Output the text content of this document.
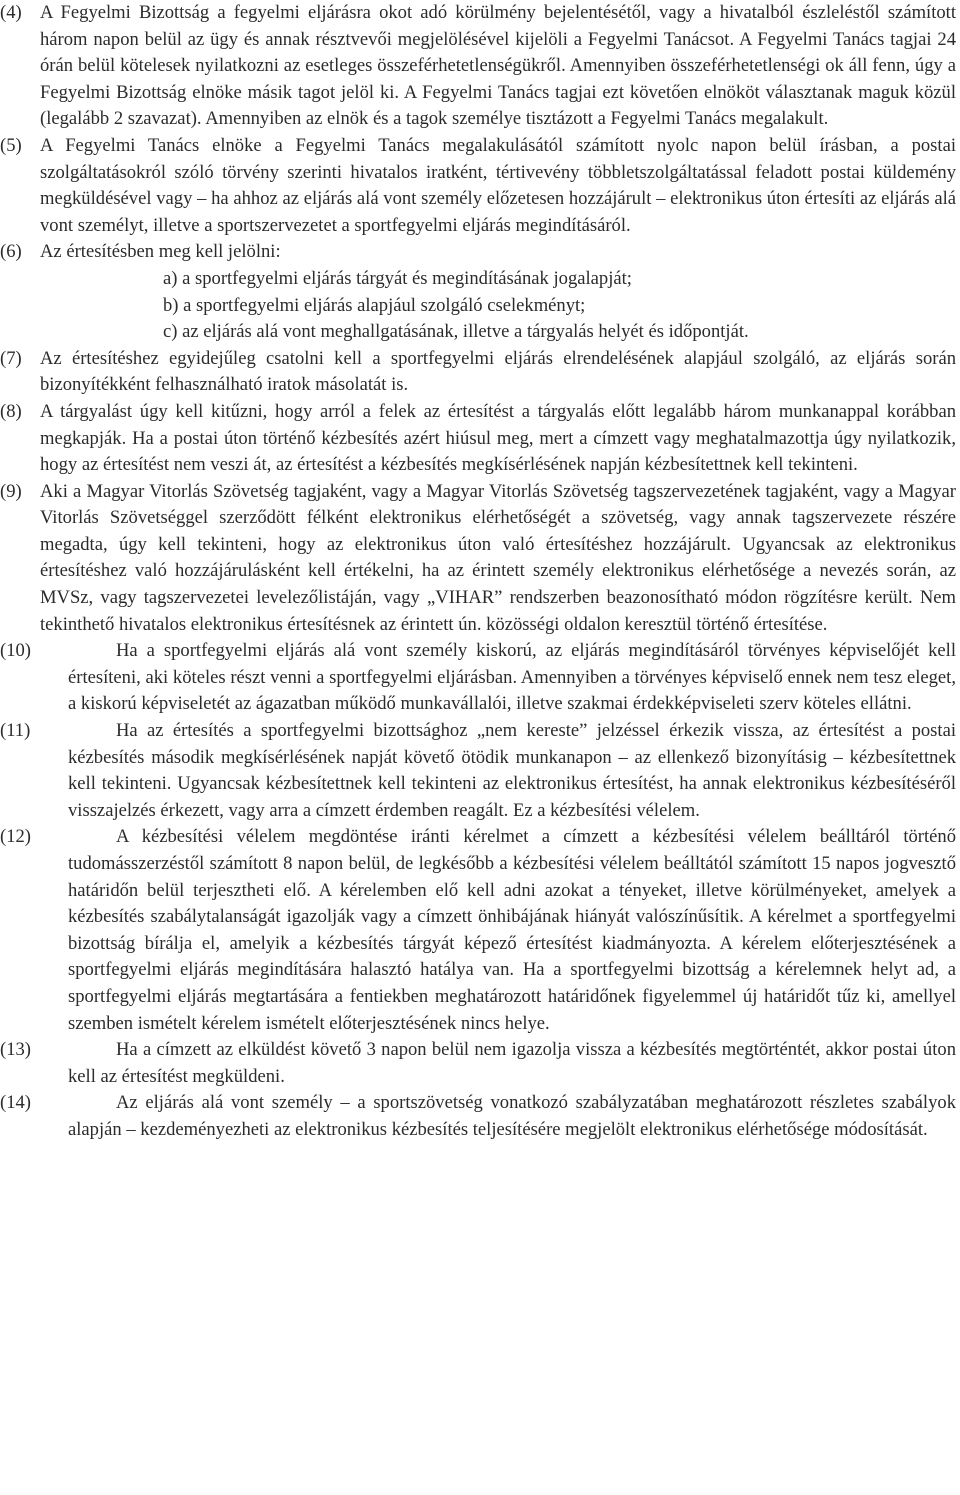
(4) A Fegyelmi Bizottság a fegyelmi eljárásra okot adó körülmény bejelentésétől, vagy a hivatalból észleléstől számított három napon belül az ügy és annak résztvevői megjelölésével kijelöli a Fegyelmi Tanácsot. A Fegyelmi Tanács tagjai 24 órán belül kötelesek nyilatkozni az esetleges összeférhetetlenségükről. Amennyiben összeférhetetlenségi ok áll fenn, úgy a Fegyelmi Bizottság elnöke másik tagot jelöl ki. A Fegyelmi Tanács tagjai ezt követően elnököt választanak maguk közül (legalább 2 szavazat). Amennyiben az elnök és a tagok személye tisztázott a Fegyelmi Tanács megalakult.

(5) A Fegyelmi Tanács elnöke a Fegyelmi Tanács megalakulásától számított nyolc napon belül írásban, a postai szolgáltatásokról szóló törvény szerinti hivatalos iratként, tértivevény többletszolgáltatással feladott postai küldemény megküldésével vagy – ha ahhoz az eljárás alá vont személy előzetesen hozzájárult – elektronikus úton értesíti az eljárás alá vont személyt, illetve a sportszervezetet a sportfegyelmi eljárás megindításáról.

(6) Az értesítésben meg kell jelölni:
a) a sportfegyelmi eljárás tárgyát és megindításának jogalapját;
b) a sportfegyelmi eljárás alapjául szolgáló cselekményt;
c) az eljárás alá vont meghallgatásának, illetve a tárgyalás helyét és időpontját.

(7) Az értesítéshez egyidejűleg csatolni kell a sportfegyelmi eljárás elrendelésének alapjául szolgáló, az eljárás során bizonyítékként felhasználható iratok másolatát is.

(8) A tárgyalást úgy kell kitűzni, hogy arról a felek az értesítést a tárgyalás előtt legalább három munkanappal korábban megkapják. Ha a postai úton történő kézbesítés azért hiúsul meg, mert a címzett vagy meghatalmazottja úgy nyilatkozik, hogy az értesítést nem veszi át, az értesítést a kézbesítés megkísérlésének napján kézbesítettnek kell tekinteni.

(9) Aki a Magyar Vitorlás Szövetség tagjaként, vagy a Magyar Vitorlás Szövetség tagszervezetének tagjaként, vagy a Magyar Vitorlás Szövetséggel szerződött félként elektronikus elérhetőségét a szövetség, vagy annak tagszervezete részére megadta, úgy kell tekinteni, hogy az elektronikus úton való értesítéshez hozzájárult. Ugyancsak az elektronikus értesítéshez való hozzájárulásként kell értékelni, ha az érintett személy elektronikus elérhetősége a nevezés során, az MVSz, vagy tagszervezetei levelezőlistáján, vagy „VIHAR” rendszerben beazonosítható módon rögzítésre került. Nem tekinthető hivatalos elektronikus értesítésnek az érintett ún. közösségi oldalon keresztül történő értesítése.

(10)	Ha a sportfegyelmi eljárás alá vont személy kiskorú, az eljárás megindításáról törvényes képviselőjét kell értesíteni, aki köteles részt venni a sportfegyelmi eljárásban. Amennyiben a törvényes képviselő ennek nem tesz eleget, a kiskorú képviseletét az ágazatban működő munkavállalói, illetve szakmai érdekképviseleti szerv köteles ellátni.

(11)	Ha az értesítés a sportfegyelmi bizottsághoz „nem kereste” jelzéssel érkezik vissza, az értesítést a postai kézbesítés második megkísérlésének napját követő ötödik munkanapon – az ellenkező bizonyításig – kézbesítettnek kell tekinteni. Ugyancsak kézbesítettnek kell tekinteni az elektronikus értesítést, ha annak elektronikus kézbesítéséről visszajelzés érkezett, vagy arra a címzett érdemben reagált. Ez a kézbesítési vélelem.

(12)	A kézbesítési vélelem megdöntése iránti kérelmet a címzett a kézbesítési vélelem beálltáról történő tudomásszerzéstől számított 8 napon belül, de legkésőbb a kézbesítési vélelem beálltától számított 15 napos jogvesztő határidőn belül terjesztheti elő. A kérelemben elő kell adni azokat a tényeket, illetve körülményeket, amelyek a kézbesítés szabálytalanságát igazolják vagy a címzett önhibájának hiányát valószínűsítik. A kérelmet a sportfegyelmi bizottság bírálja el, amelyik a kézbesítés tárgyát képező értesítést kiadmányozta. A kérelem előterjesztésének a sportfegyelmi eljárás megindítására halasztó hatálya van. Ha a sportfegyelmi bizottság a kérelemnek helyt ad, a sportfegyelmi eljárás megtartására a fentiekben meghatározott határidőnek figyelemmel új határidőt tűz ki, amellyel szemben ismételt kérelem ismételt előterjesztésének nincs helye.

(13)	Ha a címzett az elküldést követő 3 napon belül nem igazolja vissza a kézbesítés megtörténtét, akkor postai úton kell az értesítést megküldeni.

(14)	Az eljárás alá vont személy – a sportszövetség vonatkozó szabályzatában meghatározott részletes szabályok alapján – kezdeményezheti az elektronikus kézbesítés teljesítésére megjelölt elektronikus elérhetősége módosítását.
